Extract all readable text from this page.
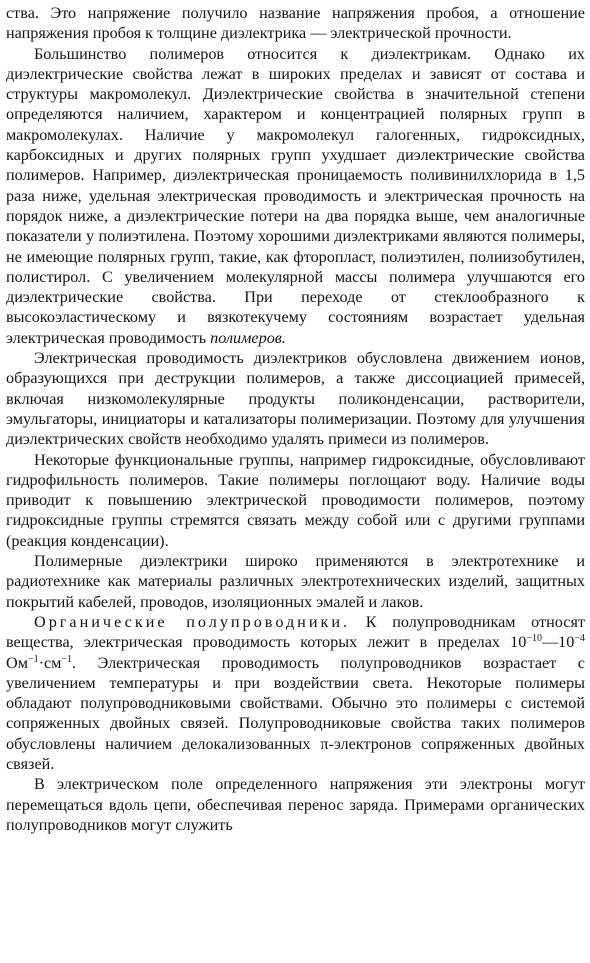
ства. Это напряжение получило название напряжения пробоя, а отношение напряжения пробоя к толщине диэлектрика — электрической прочности.

Большинство полимеров относится к диэлектрикам. Однако их диэлектрические свойства лежат в широких пределах и зависят от состава и структуры макромолекул. Диэлектрические свойства в значительной степени определяются наличием, характером и концентрацией полярных групп в макромолекулах. Наличие у макромолекул галогенных, гидроксидных, карбоксидных и других полярных групп ухудшает диэлектрические свойства полимеров. Например, диэлектрическая проницаемость поливинилхлорида в 1,5 раза ниже, удельная электрическая проводимость и электрическая прочность на порядок ниже, а диэлектрические потери на два порядка выше, чем аналогичные показатели у полиэтилена. Поэтому хорошими диэлектриками являются полимеры, не имеющие полярных групп, такие, как фторопласт, полиэтилен, полиизобутилен, полистирол. С увеличением молекулярной массы полимера улучшаются его диэлектрические свойства. При переходе от стеклообразного к высокоэластическому и вязкотекучему состояниям возрастает удельная электрическая проводимость полимеров.

Электрическая проводимость диэлектриков обусловлена движением ионов, образующихся при деструкции полимеров, а также диссоциацией примесей, включая низкомолекулярные продукты поликонденсации, растворители, эмульгаторы, инициаторы и катализаторы полимеризации. Поэтому для улучшения диэлектрических свойств необходимо удалять примеси из полимеров.

Некоторые функциональные группы, например гидроксидные, обусловливают гидрофильность полимеров. Такие полимеры поглощают воду. Наличие воды приводит к повышению электрической проводимости полимеров, поэтому гидроксидные группы стремятся связать между собой или с другими группами (реакция конденсации).

Полимерные диэлектрики широко применяются в электротехнике и радиотехнике как материалы различных электротехнических изделий, защитных покрытий кабелей, проводов, изоляционных эмалей и лаков.

Органические полупроводники. К полупроводникам относят вещества, электрическая проводимость которых лежит в пределах $10^{-10}—10^{-4}$ $Ом^{-1}\cdot см^{-1}$. Электрическая проводимость полупроводников возрастает с увеличением температуры и при воздействии света. Некоторые полимеры обладают полупроводниковыми свойствами. Обычно это полимеры с системой сопряженных двойных связей. Полупроводниковые свойства таких полимеров обусловлены наличием делокализованных π-электронов сопряженных двойных связей.

В электрическом поле определенного напряжения эти электроны могут перемещаться вдоль цепи, обеспечивая перенос заряда. Примерами органических полупроводников могут служить
